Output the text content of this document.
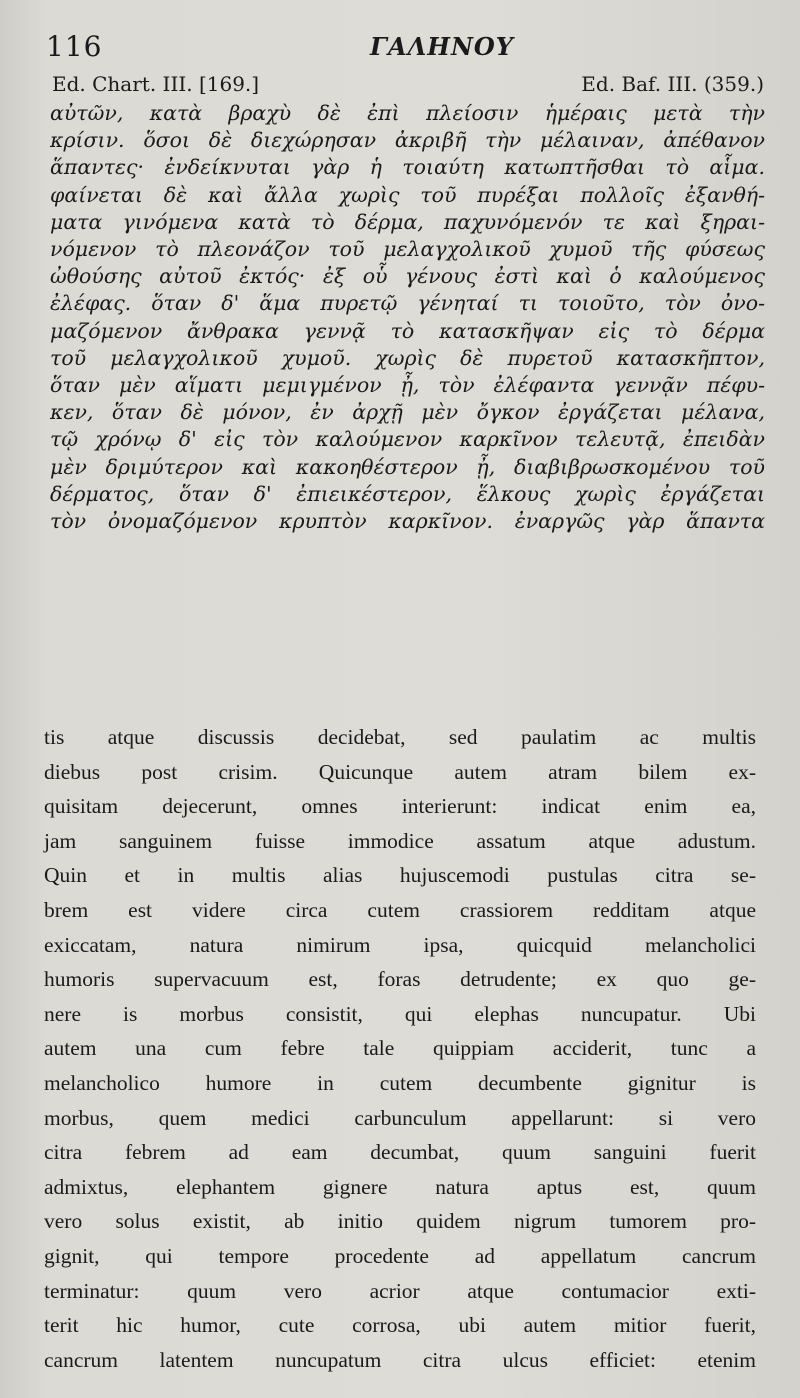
116	ΓΑΛΗΝΟΥ
Ed. Chart. III. [169.]	Ed. Baf. III. (359.)
αὐτῶν, κατὰ βραχὺ δὲ ἐπὶ πλείοσιν ἡμέραις μετὰ τὴν
κρίσιν. ὅσοι δὲ διεχώρησαν ἀκριβῆ τὴν μέλαιναν, ἀπέθανον
ἅπαντες· ἐνδείκνυται γὰρ ἡ τοιαύτη κατωπτῆσθαι τὸ αἷμα.
φαίνεται δὲ καὶ ἄλλα χωρὶς τοῦ πυρέξαι πολλοῖς ἐξανθή-
ματα γινόμενα κατὰ τὸ δέρμα, παχυνόμενόν τε καὶ ξηραι-
νόμενον τὸ πλεονάζον τοῦ μελαγχολικοῦ χυμοῦ τῆς φύσεως
ὠθούσης αὐτοῦ ἐκτός· ἐξ οὗ γένους ἐστὶ καὶ ὁ καλούμενος
ἐλέφας. ὅταν δ' ἅμα πυρετῷ γένηταί τι τοιοῦτο, τὸν ὀνο-
μαζόμενον ἄνθρακα γεννᾷ τὸ κατασκῆψαν εἰς τὸ δέρμα
τοῦ μελαγχολικοῦ χυμοῦ. χωρὶς δὲ πυρετοῦ κατασκῆπτον,
ὅταν μὲν αἵματι μεμιγμένον ᾖ, τὸν ἐλέφαντα γεννᾷν πέφυ-
κεν, ὅταν δὲ μόνον, ἐν ἀρχῇ μὲν ὄγκον ἐργάζεται μέλανα,
τῷ χρόνῳ δ' εἰς τὸν καλούμενον καρκῖνον τελευτᾷ, ἐπειδὰν
μὲν δριμύτερον καὶ κακοηθέστερον ᾖ, διαβιβρωσκομένου τοῦ
δέρματος, ὅταν δ' ἐπιεικέστερον, ἕλκους χωρὶς ἐργάζεται
τὸν ὀνομαζόμενον κρυπτὸν καρκῖνον. ἐναργῶς γὰρ ἅπαντα
tis atque discussis decidebat, sed paulatim ac multis
diebus post crisim. Quicunque autem atram bilem ex-
quisitam dejecerunt, omnes interierunt: indicat enim ea,
jam sanguinem fuisse immodice assatum atque adustum.
Quin et in multis alias hujuscemodi pustulas citra se-
brem est videre circa cutem crassiorem redditam atque
exiccatam, natura nimirum ipsa, quicquid melancholici
humoris supervacuum est, foras detrudente; ex quo ge-
nere is morbus consistit, qui elephas nuncupatur. Ubi
autem una cum febre tale quippiam acciderit, tunc a
melancholico humore in cutem decumbente gignitur is
morbus, quem medici carbunculum appellarunt: si vero
citra febrem ad eam decumbat, quum sanguini fuerit
admixtus, elephantem gignere natura aptus est, quum
vero solus existit, ab initio quidem nigrum tumorem pro-
gignit, qui tempore procedente ad appellatum cancrum
terminatur: quum vero acrior atque contumacior exti-
terit hic humor, cute corrosa, ubi autem mitior fuerit,
cancrum latentem nuncupatum citra ulcus efficiet: etenim
